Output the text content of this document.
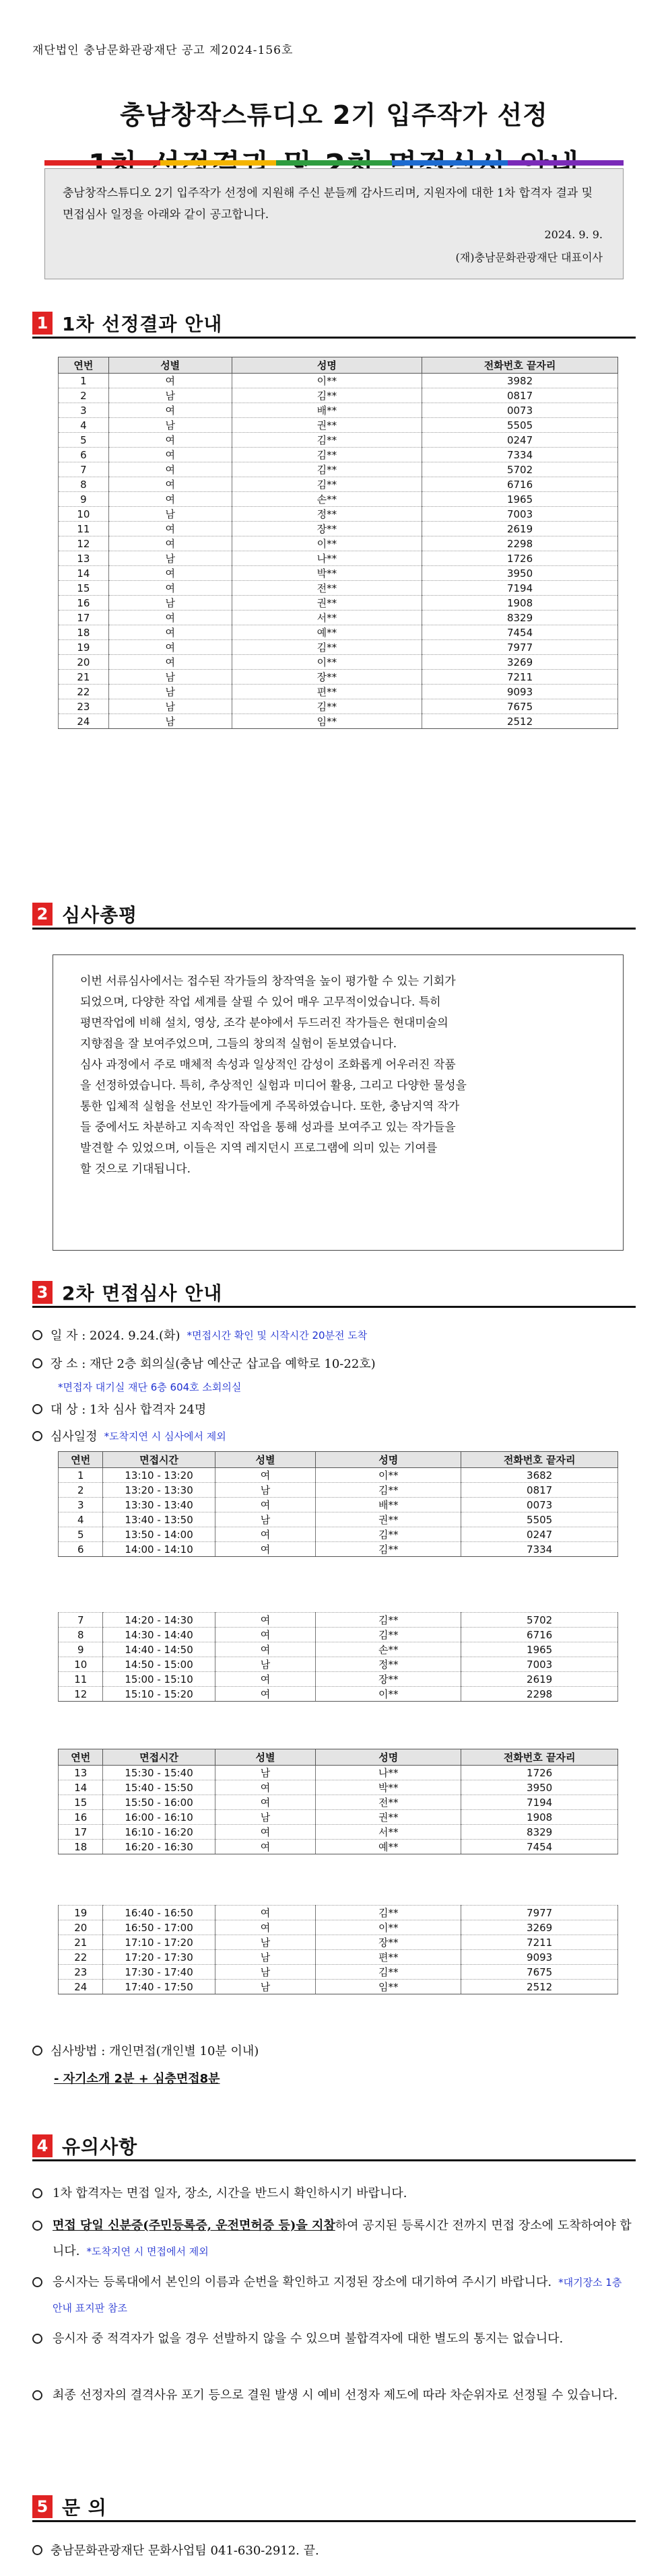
재단법인 충남문화관광재단 공고 제2024-156호
충남창작스튜디오 2기 입주작가 선정
충남창작스튜디오 2기 입주작가 선정에 지원해 주신 분들께 감사드리며, 지원자에 대한 1차 합격자 결과 및 면접심사 일정을 아래와 같이 공고합니다.
2024. 9. 9.
(재)충남문화관광재단 대표이사
1 1차 선정결과 안내
연번	성별	성명	전화번호 끝자리
1	여	이**	3982
2	남	김**	0817
3	여	배**	0073
4	남	권**	5505
5	여	김**	0247
6	여	김**	7334
7	여	김**	5702
8	여	김**	6716
9	여	손**	1965
10	남	정**	7003
11	여	장**	2619
12	여	이**	2298
13	남	나**	1726
14	여	박**	3950
15	여	전**	7194
16	남	권**	1908
17	여	서**	8329
18	여	예**	7454
19	여	김**	7977
20	여	이**	3269
21	남	장**	7211
22	남	편**	9093
23	남	김**	7675
24	남	임**	2512
2 심사총평
이번 서류심사에서는 접수된 작가들의 창작역을 높이 평가할 수 있는 기회가
되었으며, 다양한 작업 세계를 살필 수 있어 매우 고무적이었습니다. 특히
평면작업에 비해 설치, 영상, 조각 분야에서 두드러진 작가들은 현대미술의
지향점을 잘 보여주었으며, 그들의 창의적 실험이 돋보였습니다.
심사 과정에서 주로 매체적 속성과 일상적인 감성이 조화롭게 어우러진 작품
을 선정하였습니다. 특히, 추상적인 실험과 미디어 활용, 그리고 다양한 물성을
통한 입체적 실험을 선보인 작가들에게 주목하였습니다. 또한, 충남지역 작가
들 중에서도 차분하고 지속적인 작업을 통해 성과를 보여주고 있는 작가들을
발견할 수 있었으며, 이들은 지역 레지던시 프로그램에 의미 있는 기여를
할 것으로 기대됩니다.
3 2차 면접심사 안내
일 자 : 2024. 9.24.(화) *면접시간 확인 및 시작시간 20분전 도착
장 소 : 재단 2층 회의실(충남 예산군 삽교읍 예학로 10-22호)
*면접자 대기실 재단 6층 604호 소회의실
대 상 : 1차 심사 합격자 24명
심사일정 *도착지연 시 심사에서 제외
연번	면접시간	성별	성명	전화번호 끝자리
1	13:10 - 13:20	여	이**	3682
2	13:20 - 13:30	남	김**	0817
3	13:30 - 13:40	여	배**	0073
4	13:40 - 13:50	남	권**	5505
5	13:50 - 14:00	여	김**	0247
6	14:00 - 14:10	여	김**	7334
7	14:20 - 14:30	여	김**	5702
8	14:30 - 14:40	여	김**	6716
9	14:40 - 14:50	여	손**	1965
10	14:50 - 15:00	남	정**	7003
11	15:00 - 15:10	여	장**	2619
12	15:10 - 15:20	여	이**	2298
연번	면접시간	성별	성명	전화번호 끝자리
13	15:30 - 15:40	남	나**	1726
14	15:40 - 15:50	여	박**	3950
15	15:50 - 16:00	여	전**	7194
16	16:00 - 16:10	남	권**	1908
17	16:10 - 16:20	여	서**	8329
18	16:20 - 16:30	여	예**	7454
19	16:40 - 16:50	여	김**	7977
20	16:50 - 17:00	여	이**	3269
21	17:10 - 17:20	남	장**	7211
22	17:20 - 17:30	남	편**	9093
23	17:30 - 17:40	남	김**	7675
24	17:40 - 17:50	남	임**	2512
심사방법 : 개인면접(개인별 10분 이내)
- 자기소개 2분 + 심층면접8분
4 유의사항
1차 합격자는 면접 일자, 장소, 시간을 반드시 확인하시기 바랍니다.
면접 당일 신분증(주민등록증, 운전면허증 등)을 지참하여 공지된 등록시간 전까지 면접 장소에 도착하여야 합니다. *도착지연 시 면접에서 제외
응시자는 등록대에서 본인의 이름과 순번을 확인하고 지정된 장소에 대기하여 주시기 바랍니다. *대기장소 1층 안내 표지판 참조
응시자 중 적격자가 없을 경우 선발하지 않을 수 있으며 불합격자에 대한 별도의 통지는 없습니다.
최종 선정자의 결격사유 포기 등으로 결원 발생 시 예비 선정자 제도에 따라 차순위자로 선정될 수 있습니다.
5 문 의
충남문화관광재단 문화사업팀 041-630-2912. 끝.
